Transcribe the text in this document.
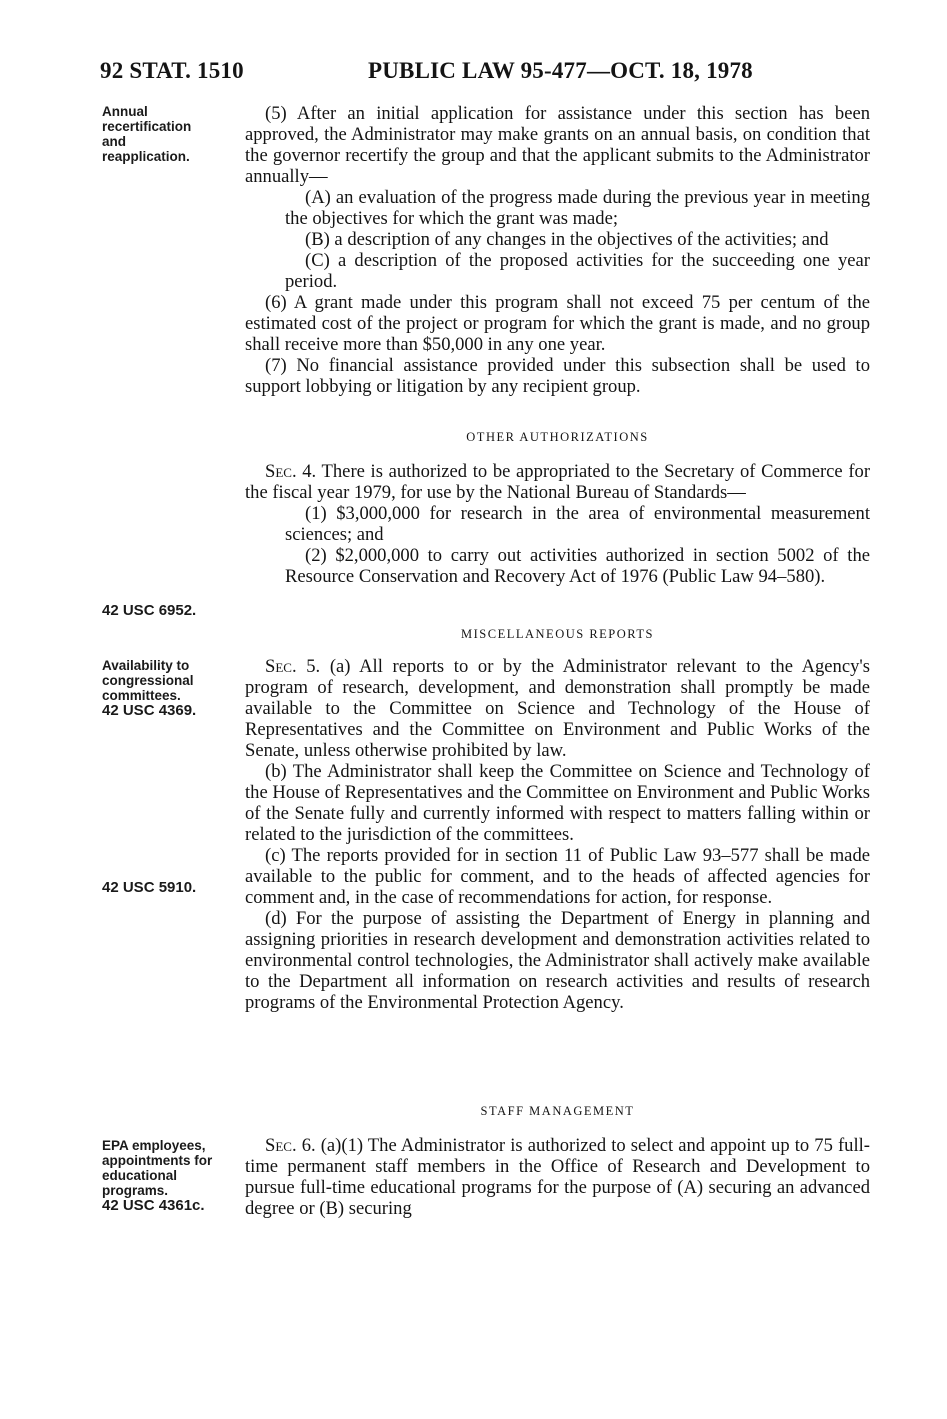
92 STAT. 1510	PUBLIC LAW 95-477—OCT. 18, 1978
Annual
recertification
and
reapplication.
42 USC 6952.
Availability to
congressional
committees.
42 USC 4369.
42 USC 5910.
EPA employees,
appointments for
educational
programs.
42 USC 4361c.

(5) After an initial application for assistance under this section has been approved, the Administrator may make grants on an annual basis, on condition that the governor recertify the group and that the applicant submits to the Administrator annually—

(A) an evaluation of the progress made during the previous year in meeting the objectives for which the grant was made;

(B) a description of any changes in the objectives of the activities; and

(C) a description of the proposed activities for the succeeding one year period.

(6) A grant made under this program shall not exceed 75 per centum of the estimated cost of the project or program for which the grant is made, and no group shall receive more than $50,000 in any one year.

(7) No financial assistance provided under this subsection shall be used to support lobbying or litigation by any recipient group.

OTHER AUTHORIZATIONS

Sec. 4. There is authorized to be appropriated to the Secretary of Commerce for the fiscal year 1979, for use by the National Bureau of Standards—

(1) $3,000,000 for research in the area of environmental measurement sciences; and

(2) $2,000,000 to carry out activities authorized in section 5002 of the Resource Conservation and Recovery Act of 1976 (Public Law 94–580).

MISCELLANEOUS REPORTS

Sec. 5. (a) All reports to or by the Administrator relevant to the Agency's program of research, development, and demonstration shall promptly be made available to the Committee on Science and Technology of the House of Representatives and the Committee on Environment and Public Works of the Senate, unless otherwise prohibited by law.

(b) The Administrator shall keep the Committee on Science and Technology of the House of Representatives and the Committee on Environment and Public Works of the Senate fully and currently informed with respect to matters falling within or related to the jurisdiction of the committees.

(c) The reports provided for in section 11 of Public Law 93–577 shall be made available to the public for comment, and to the heads of affected agencies for comment and, in the case of recommendations for action, for response.

(d) For the purpose of assisting the Department of Energy in planning and assigning priorities in research development and demonstration activities related to environmental control technologies, the Administrator shall actively make available to the Department all information on research activities and results of research programs of the Environmental Protection Agency.

STAFF MANAGEMENT

Sec. 6. (a)(1) The Administrator is authorized to select and appoint up to 75 full-time permanent staff members in the Office of Research and Development to pursue full-time educational programs for the purpose of (A) securing an advanced degree or (B) securing
